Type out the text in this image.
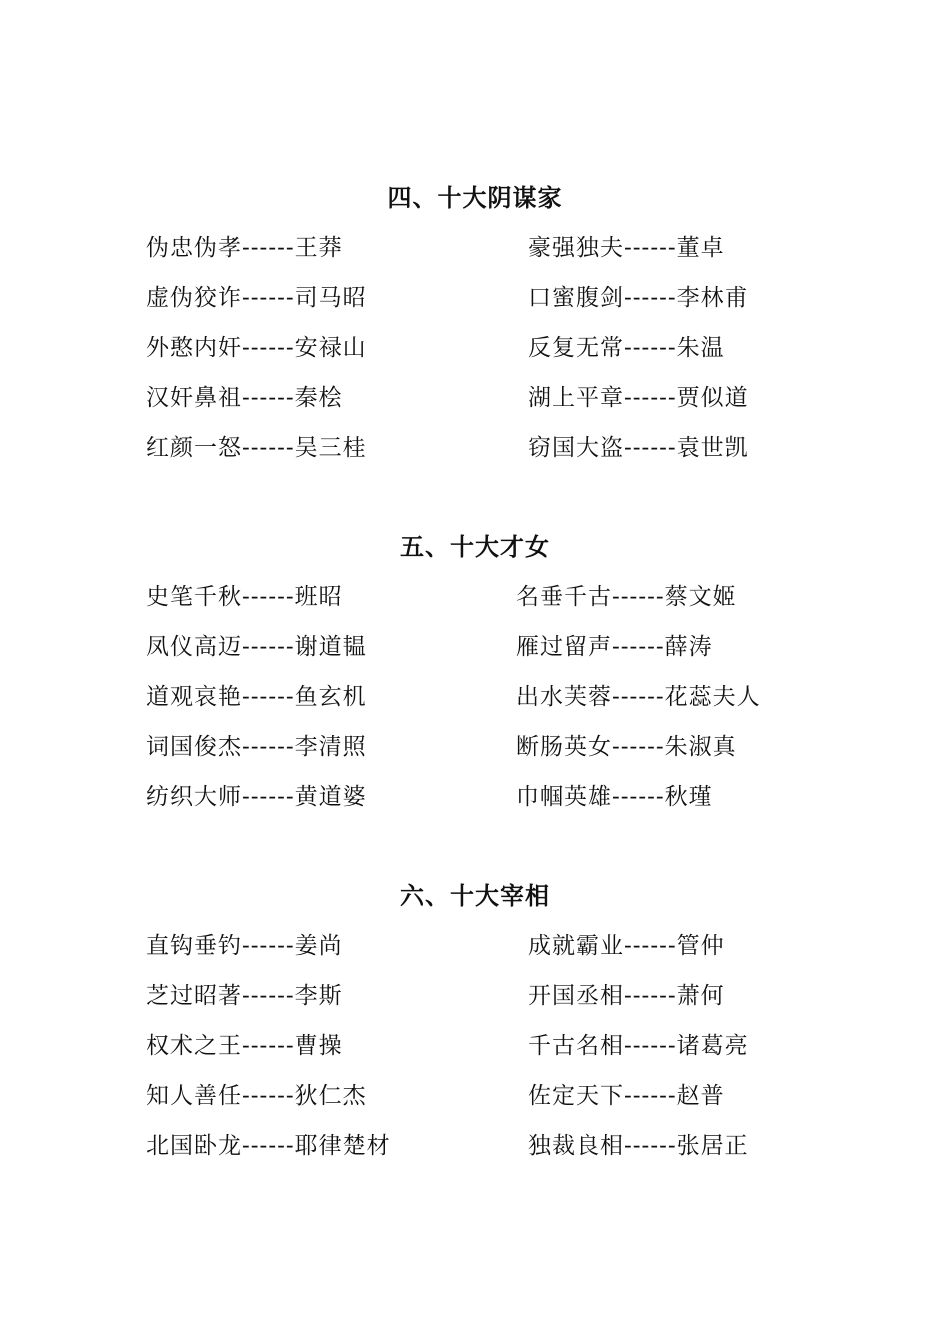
四、十大阴谋家
伪忠伪孝------王莽
虚伪狡诈------司马昭
外憨内奸------安禄山
汉奸鼻祖------秦桧
红颜一怒------吴三桂
豪强独夫------董卓
口蜜腹剑------李林甫
反复无常------朱温
湖上平章------贾似道
窃国大盗------袁世凯
五、十大才女
史笔千秋------班昭
凤仪高迈------谢道韫
道观哀艳------鱼玄机
词国俊杰------李清照
纺织大师------黄道婆
名垂千古------蔡文姬
雁过留声------薛涛
出水芙蓉------花蕊夫人
断肠英女------朱淑真
巾帼英雄------秋瑾
六、十大宰相
直钩垂钓------姜尚
芝过昭著------李斯
权术之王------曹操
知人善任------狄仁杰
北国卧龙------耶律楚材
成就霸业------管仲
开国丞相------萧何
千古名相------诸葛亮
佐定天下------赵普
独裁良相------张居正
